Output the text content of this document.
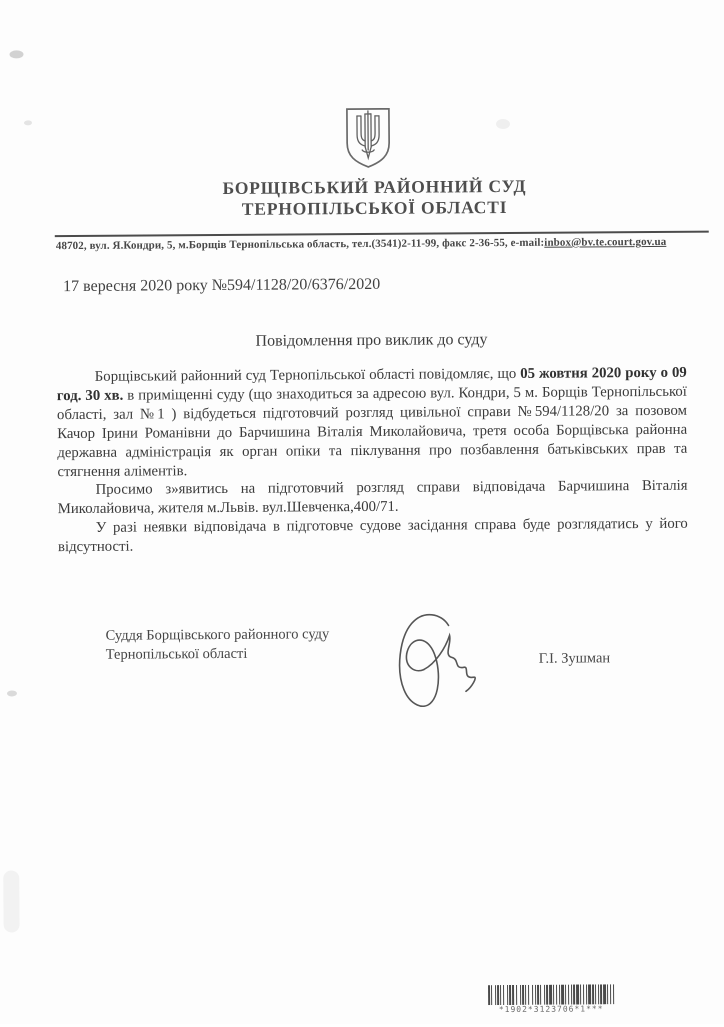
БОРЩІВСЬКИЙ РАЙОННИЙ СУД
ТЕРНОПІЛЬСЬКОЇ ОБЛАСТІ
48702, вул. Я.Кондри, 5, м.Борщів Тернопільська область, тел.(3541)2-11-99, факс 2-36-55, e-mail:inbox@bv.te.court.gov.ua
17 вересня 2020 року №594/1128/20/6376/2020
Повідомлення про виклик до суду

Борщівський районний суд Тернопільської області повідомляє, що 05 жовтня 2020 року о 09 год. 30 хв. в приміщенні суду (що знаходиться за адресою вул. Кондри, 5 м. Борщів Тернопільської області, зал №1 ) відбудеться підготовчий розгляд цивільної справи №594/1128/20 за позовом Качор Ірини Романівни до Барчишина Віталія Миколайовича, третя особа Борщівська районна державна адміністрація як орган опіки та піклування про позбавлення батьківських прав та стягнення аліментів.

Просимо з»явитись на підготовчий розгляд справи відповідача Барчишина Віталія Миколайовича, жителя м.Львів. вул.Шевченка,400/71.

У разі неявки відповідача в підготовче судове засідання справа буде розглядатись у його відсутності.

Суддя Борщівського районного суду
Тернопільської області	Г.І. Зушман
*1902*3123706*1***
